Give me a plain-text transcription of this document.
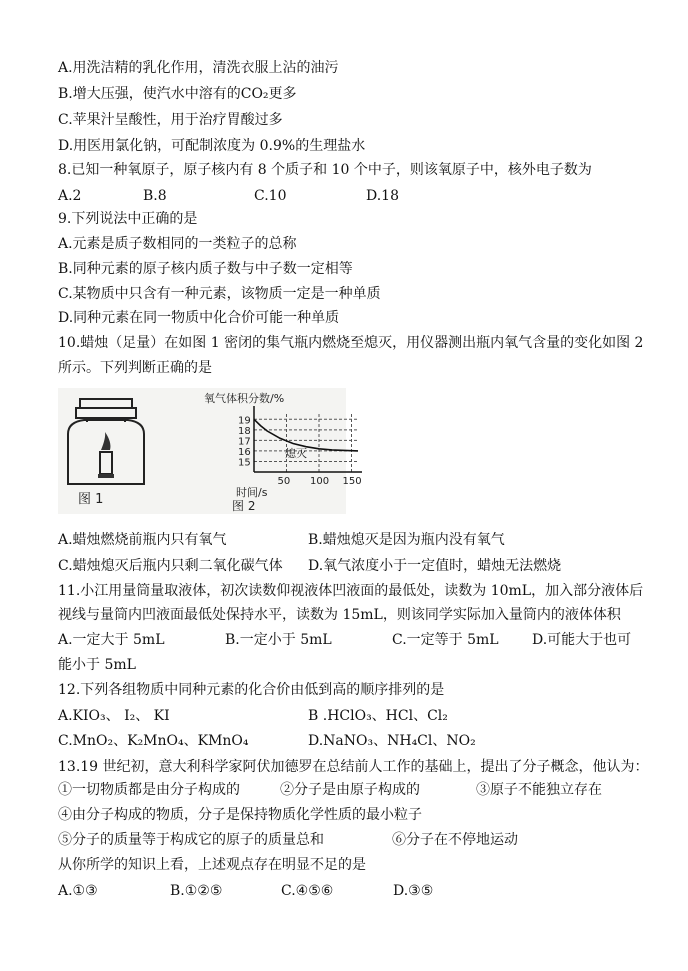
A.用洗洁精的乳化作用，清洗衣服上沾的油污
B.增大压强，使汽水中溶有的CO₂更多
C.苹果汁呈酸性，用于治疗胃酸过多
D.用医用氯化钠，可配制浓度为 0.9%的生理盐水
8.已知一种氧原子，原子核内有 8 个质子和 10 个中子，则该氧原子中，核外电子数为
A.2	B.8	C.10	D.18
9.下列说法中正确的是
A.元素是质子数相同的一类粒子的总称
B.同种元素的原子核内质子数与中子数一定相等
C.某物质中只含有一种元素，该物质一定是一种单质
D.同种元素在同一物质中化合价可能一种单质
10.蜡烛（足量）在如图 1 密闭的集气瓶内燃烧至熄灭，用仪器测出瓶内氧气含量的变化如图 2
所示。下列判断正确的是
图 1
氧气体积分数/%
15
16
17
18
19
50 100 150
熄灭
时间/s
图 2
A.蜡烛燃烧前瓶内只有氧气	B.蜡烛熄灭是因为瓶内没有氧气
C.蜡烛熄灭后瓶内只剩二氧化碳气体 D.氧气浓度小于一定值时，蜡烛无法燃烧
11.小江用量筒量取液体，初次读数仰视液体凹液面的最低处，读数为 10mL，加入部分液体后
视线与量筒内凹液面最低处保持水平，读数为 15mL，则该同学实际加入量筒内的液体体积
A.一定大于 5mL	B.一定小于 5mL	C.一定等于 5mL D.可能大于也可
能小于 5mL
12.下列各组物质中同种元素的化合价由低到高的顺序排列的是
A.KIO₃、 I₂、 KI	B .HClO₃、HCl、Cl₂
C.MnO₂、K₂MnO₄、KMnO₄	D.NaNO₃、NH₄Cl、NO₂
13.19 世纪初，意大利科学家阿伏加德罗在总结前人工作的基础上，提出了分子概念，他认为：
①一切物质都是由分子构成的	②分子是由原子构成的	③原子不能独立存在
④由分子构成的物质，分子是保持物质化学性质的最小粒子
⑤分子的质量等于构成它的原子的质量总和	⑥分子在不停地运动
从你所学的知识上看，上述观点存在明显不足的是
A.①③	B.①②⑤	C.④⑤⑥	D.③⑤
